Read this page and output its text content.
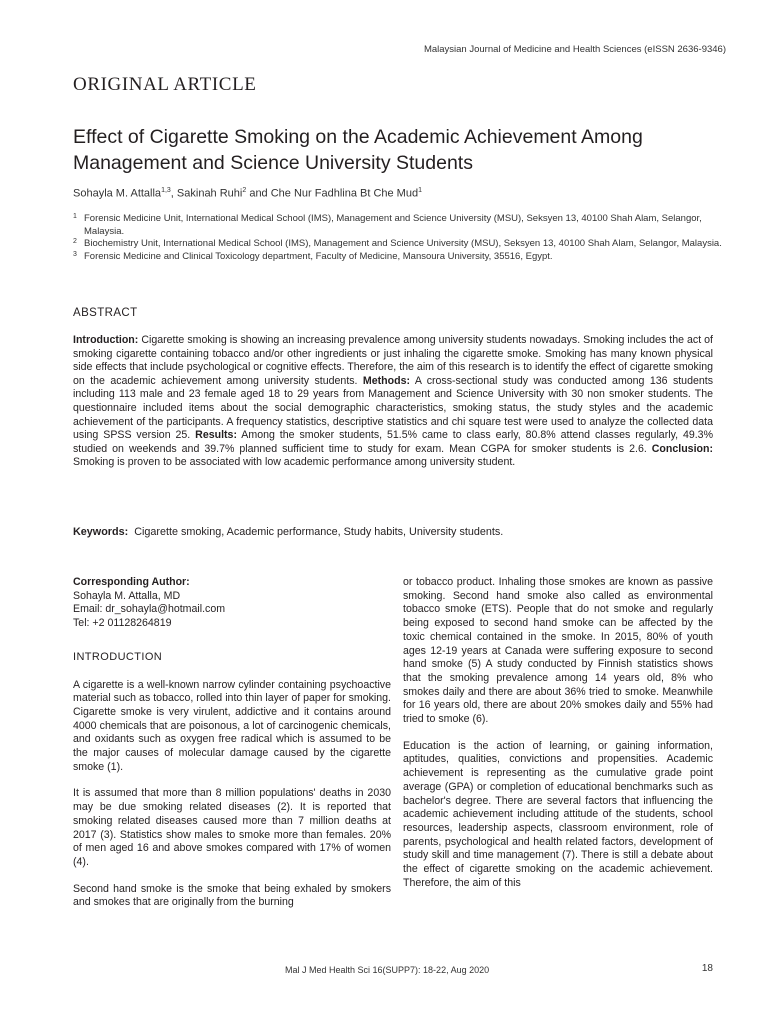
Malaysian Journal of Medicine and Health Sciences (eISSN 2636-9346)
ORIGINAL ARTICLE
Effect of Cigarette Smoking on the Academic Achievement Among Management and Science University Students
Sohayla M. Attalla$^{1,3}$, Sakinah Ruhi$^2$ and Che Nur Fadhlina Bt Che Mud$^1$
1 Forensic Medicine Unit, International Medical School (IMS), Management and Science University (MSU), Seksyen 13, 40100 Shah Alam, Selangor, Malaysia.
2 Biochemistry Unit, International Medical School (IMS), Management and Science University (MSU), Seksyen 13, 40100 Shah Alam, Selangor, Malaysia.
3 Forensic Medicine and Clinical Toxicology department, Faculty of Medicine, Mansoura University, 35516, Egypt.
ABSTRACT
Introduction: Cigarette smoking is showing an increasing prevalence among university students nowadays. Smoking includes the act of smoking cigarette containing tobacco and/or other ingredients or just inhaling the cigarette smoke. Smoking has many known physical side effects that include psychological or cognitive effects. Therefore, the aim of this research is to identify the effect of cigarette smoking on the academic achievement among university students. Methods: A cross-sectional study was conducted among 136 students including 113 male and 23 female aged 18 to 29 years from Management and Science University with 30 non smoker students. The questionnaire included items about the social demographic characteristics, smoking status, the study styles and the academic achievement of the participants. A frequency statistics, descriptive statistics and chi square test were used to analyze the collected data using SPSS version 25. Results: Among the smoker students, 51.5% came to class early, 80.8% attend classes regularly, 49.3% studied on weekends and 39.7% planned sufficient time to study for exam. Mean CGPA for smoker students is 2.6. Conclusion: Smoking is proven to be associated with low academic performance among university student.
Keywords:  Cigarette smoking, Academic performance, Study habits, University students.
Corresponding Author:
Sohayla M. Attalla, MD
Email: dr_sohayla@hotmail.com
Tel: +2 01128264819
INTRODUCTION

A cigarette is a well-known narrow cylinder containing psychoactive material such as tobacco, rolled into thin layer of paper for smoking. Cigarette smoke is very virulent, addictive and it contains around 4000 chemicals that are poisonous, a lot of carcinogenic chemicals, and oxidants such as oxygen free radical which is assumed to be the major causes of molecular damage caused by the cigarette smoke (1).

It is assumed that more than 8 million populations' deaths in 2030 may be due smoking related diseases (2). It is reported that smoking related diseases caused more than 7 million deaths at 2017 (3). Statistics show males to smoke more than females. 20% of men aged 16 and above smokes compared with 17% of women (4).

Second hand smoke is the smoke that being exhaled by smokers and smokes that are originally from the burning

or tobacco product. Inhaling those smokes are known as passive smoking. Second hand smoke also called as environmental tobacco smoke (ETS). People that do not smoke and regularly being exposed to second hand smoke can be affected by the toxic chemical contained in the smoke. In 2015, 80% of youth ages 12-19 years at Canada were suffering exposure to second hand smoke (5) A study conducted by Finnish statistics shows that the smoking prevalence among 14 years old, 8% who smokes daily and there are about 36% tried to smoke. Meanwhile for 16 years old, there are about 20% smokes daily and 55% had tried to smoke (6).

Education is the action of learning, or gaining information, aptitudes, qualities, convictions and propensities. Academic achievement is representing as the cumulative grade point average (GPA) or completion of educational benchmarks such as bachelor's degree. There are several factors that influencing the academic achievement including attitude of the students, school resources, leadership aspects, classroom environment, role of parents, psychological and health related factors, development of study skill and time management (7). There is still a debate about the effect of cigarette smoking on the academic achievement. Therefore, the aim of this

Mal J Med Health Sci 16(SUPP7): 18-22, Aug 2020	18
